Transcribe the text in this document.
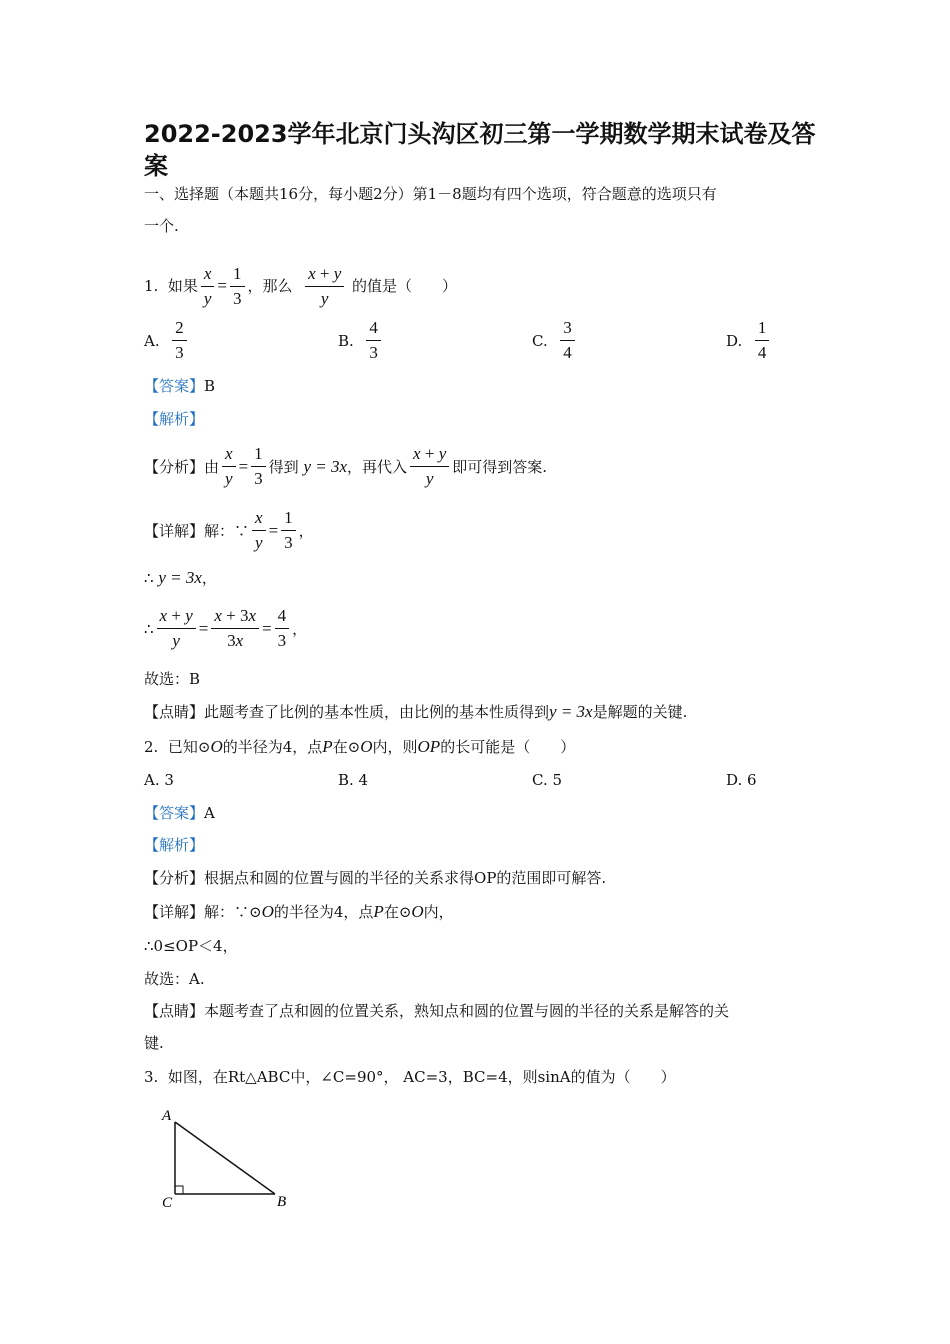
2022-2023学年北京门头沟区初三第一学期数学期末试卷及答案
一、选择题（本题共16分，每小题2分）第1－8题均有四个选项，符合题意的选项只有
一个.
1.
如果 $\frac{x}{y} = \frac{1}{3}$ ，那么
$\frac{x + y}{y}$
的值是（　　）
A.
$\frac{2}{3}$	B.
$\frac{4}{3}$	C.
$\frac{3}{4}$	D.
$\frac{1}{4}$
【答案】B
【解析】
【分析】 由 $\frac{x}{y} = \frac{1}{3}$ 得到
y = 3x ，再代入 $\frac{x + y}{y}$ 即可得到答案.
【详解】 解：∵ $\frac{x}{y} = \frac{1}{3}$ ，
∴
y = 3x ，
∴ $\frac{x + y}{y} = \frac{x + 3x}{3x} = \frac{4}{3}$ ，
故选：B
【点睛】 此题考查了比例的基本性质，由比例的基本性质得到 y = 3x 是解题的关键.
2.
已知⊙ O 的半径为4，点 P 在⊙ O 内，则 OP 的长可能是（　　）
A. 3	B. 4	C. 5	D. 6
【答案】A
【解析】
【分析】根据点和圆的位置与圆的半径的关系求得OP的范围即可解答.
【详解】 解：∵⊙ O 的半径为4，点 P 在⊙ O 内，
∴0≤OP＜4，
故选：A.
【点睛】本题考查了点和圆的位置关系，熟知点和圆的位置与圆的半径的关系是解答的关
键.
3. 如图，在Rt△ABC中，∠C=90°， AC=3，BC=4，则sinA的值为（　　）
A
C	B
